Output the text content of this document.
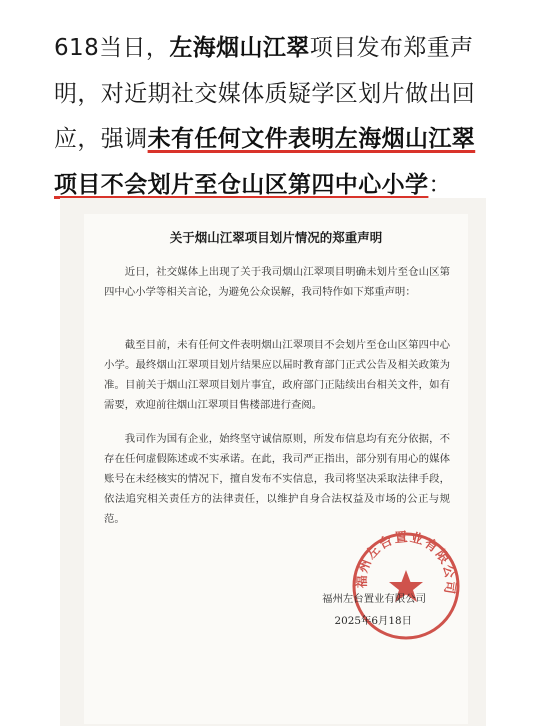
618当日，左海烟山江翠项目发布郑重声明，对近期社交媒体质疑学区划片做出回应，强调未有任何文件表明左海烟山江翠项目不会划片至仓山区第四中心小学：
关于烟山江翠项目划片情况的郑重声明

近日，社交媒体上出现了关于我司烟山江翠项目明确未划片至仓山区第四中心小学等相关言论，为避免公众误解，我司特作如下郑重声明：

截至目前，未有任何文件表明烟山江翠项目不会划片至仓山区第四中心小学。最终烟山江翠项目划片结果应以届时教育部门正式公告及相关政策为准。目前关于烟山江翠项目划片事宜，政府部门正陆续出台相关文件，如有需要，欢迎前往烟山江翠项目售楼部进行查阅。

我司作为国有企业，始终坚守诚信原则，所发布信息均有充分依据，不存在任何虚假陈述或不实承诺。在此，我司严正指出，部分别有用心的媒体账号在未经核实的情况下，擅自发布不实信息，我司将坚决采取法律手段，依法追究相关责任方的法律责任，以维护自身合法权益及市场的公正与规范。

福州左台置业有限公司
福州左台置业有限公司
2025年6月18日
